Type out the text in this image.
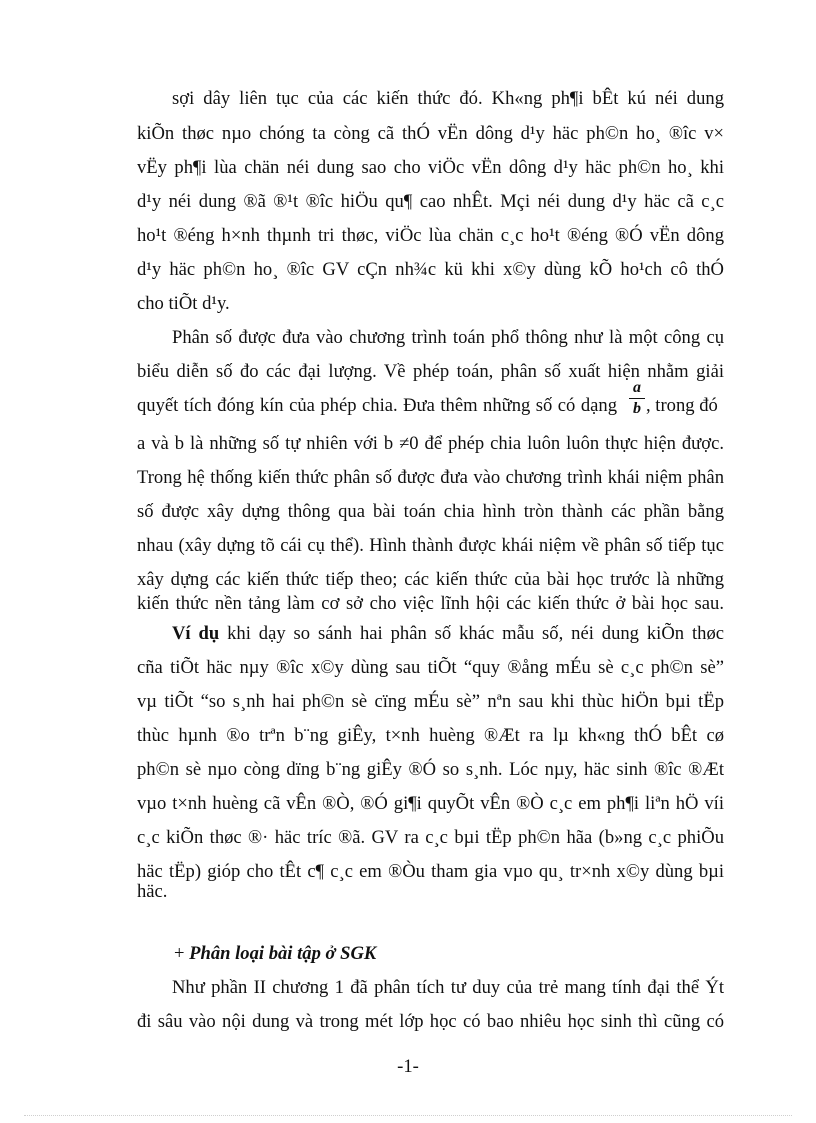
sợi dây liên tục của các kiến thức đó. Kh«ng ph¶i bÊt kú néi dung
kiÕn thøc nµo chóng ta còng cã thÓ vËn dông d¹y häc ph©n ho¸ ®îc v×
vËy ph¶i lùa chän néi dung sao cho viÖc vËn dông d¹y häc ph©n ho¸ khi
d¹y néi dung ®ã ®¹t ®îc hiÖu qu¶ cao nhÊt. Mçi néi dung d¹y häc cã c¸c
ho¹t ®éng h×nh thµnh tri thøc, viÖc lùa chän c¸c ho¹t ®éng ®Ó vËn dông
d¹y häc ph©n ho¸ ®îc GV cÇn nh¾c kü khi x©y dùng kÕ ho¹ch cô thÓ
cho tiÕt d¹y.
Phân số được đưa vào chương trình toán phổ thông như là một công cụ
biểu diễn số đo các đại lượng. Về phép toán, phân số xuất hiện nhằm giải
quyết tích đóng kín của phép chia. Đưa thêm những số có dạng
a
b , trong đó
a và b là những số tự nhiên với b ≠0 để phép chia luôn luôn thực hiện được.
Trong hệ thống kiến thức phân số được đưa vào chương trình khái niệm phân
số được xây dựng thông qua bài toán chia hình tròn thành các phần bằng
nhau (xây dựng tõ cái cụ thể). Hình thành được khái niệm về phân số tiếp tục
xây dựng các kiến thức tiếp theo; các kiến thức của bài học trước là những
kiến thức nền tảng làm cơ sở cho việc lĩnh hội các kiến thức ở bài học sau.
Ví dụ khi dạy so sánh hai phân số khác mẫu số, néi dung kiÕn thøc
cña tiÕt häc nµy ®îc x©y dùng sau tiÕt “quy ®ång mÉu sè c¸c ph©n sè”
vµ tiÕt “so s¸nh hai ph©n sè cïng mÉu sè” nªn sau khi thùc hiÖn bµi tËp
thùc hµnh ®o trªn b¨ng giÊy, t×nh huèng ®Æt ra lµ kh«ng thÓ bÊt cø
ph©n sè nµo còng dïng b¨ng giÊy ®Ó so s¸nh. Lóc nµy, häc sinh ®îc ®Æt
vµo t×nh huèng cã vÊn ®Ò, ®Ó gi¶i quyÕt vÊn ®Ò c¸c em ph¶i liªn hÖ víi
c¸c kiÕn thøc ®· häc tríc ®ã. GV ra c¸c bµi tËp ph©n hãa (b»ng c¸c phiÕu
häc tËp) gióp cho tÊt c¶ c¸c em ®Òu tham gia vµo qu¸ tr×nh x©y dùng bµi
häc.
+ Phân loại bài tập ở SGK
Như phần II chương 1 đã phân tích tư duy của trẻ mang tính đại thể Ýt
đi sâu vào nội dung và trong mét lớp học có bao nhiêu học sinh thì cũng có
-1-
